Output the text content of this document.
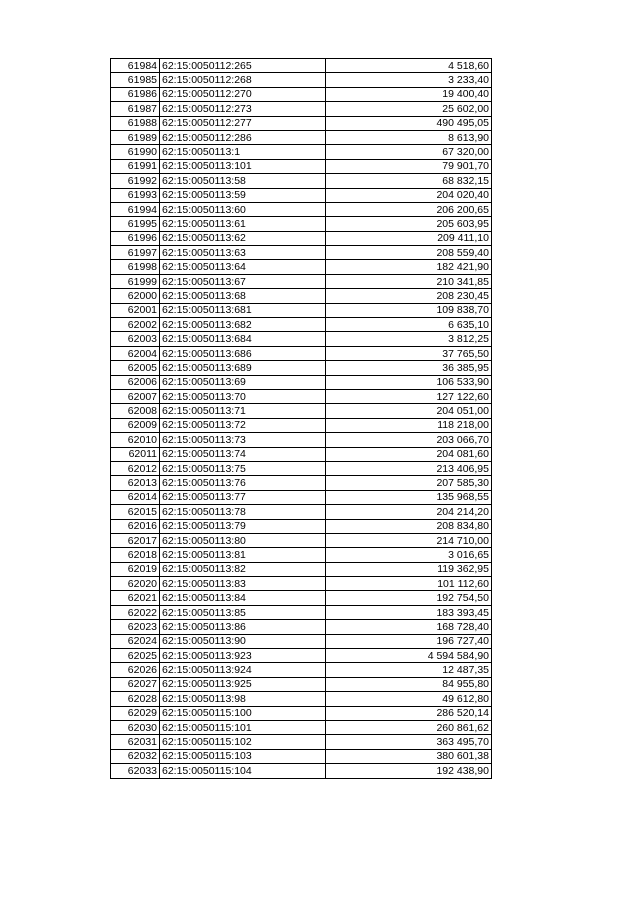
61984	62:15:0050112:265	4 518,60
61985	62:15:0050112:268	3 233,40
61986	62:15:0050112:270	19 400,40
61987	62:15:0050112:273	25 602,00
61988	62:15:0050112:277	490 495,05
61989	62:15:0050112:286	8 613,90
61990	62:15:0050113:1	67 320,00
61991	62:15:0050113:101	79 901,70
61992	62:15:0050113:58	68 832,15
61993	62:15:0050113:59	204 020,40
61994	62:15:0050113:60	206 200,65
61995	62:15:0050113:61	205 603,95
61996	62:15:0050113:62	209 411,10
61997	62:15:0050113:63	208 559,40
61998	62:15:0050113:64	182 421,90
61999	62:15:0050113:67	210 341,85
62000	62:15:0050113:68	208 230,45
62001	62:15:0050113:681	109 838,70
62002	62:15:0050113:682	6 635,10
62003	62:15:0050113:684	3 812,25
62004	62:15:0050113:686	37 765,50
62005	62:15:0050113:689	36 385,95
62006	62:15:0050113:69	106 533,90
62007	62:15:0050113:70	127 122,60
62008	62:15:0050113:71	204 051,00
62009	62:15:0050113:72	118 218,00
62010	62:15:0050113:73	203 066,70
62011	62:15:0050113:74	204 081,60
62012	62:15:0050113:75	213 406,95
62013	62:15:0050113:76	207 585,30
62014	62:15:0050113:77	135 968,55
62015	62:15:0050113:78	204 214,20
62016	62:15:0050113:79	208 834,80
62017	62:15:0050113:80	214 710,00
62018	62:15:0050113:81	3 016,65
62019	62:15:0050113:82	119 362,95
62020	62:15:0050113:83	101 112,60
62021	62:15:0050113:84	192 754,50
62022	62:15:0050113:85	183 393,45
62023	62:15:0050113:86	168 728,40
62024	62:15:0050113:90	196 727,40
62025	62:15:0050113:923	4 594 584,90
62026	62:15:0050113:924	12 487,35
62027	62:15:0050113:925	84 955,80
62028	62:15:0050113:98	49 612,80
62029	62:15:0050115:100	286 520,14
62030	62:15:0050115:101	260 861,62
62031	62:15:0050115:102	363 495,70
62032	62:15:0050115:103	380 601,38
62033	62:15:0050115:104	192 438,90
